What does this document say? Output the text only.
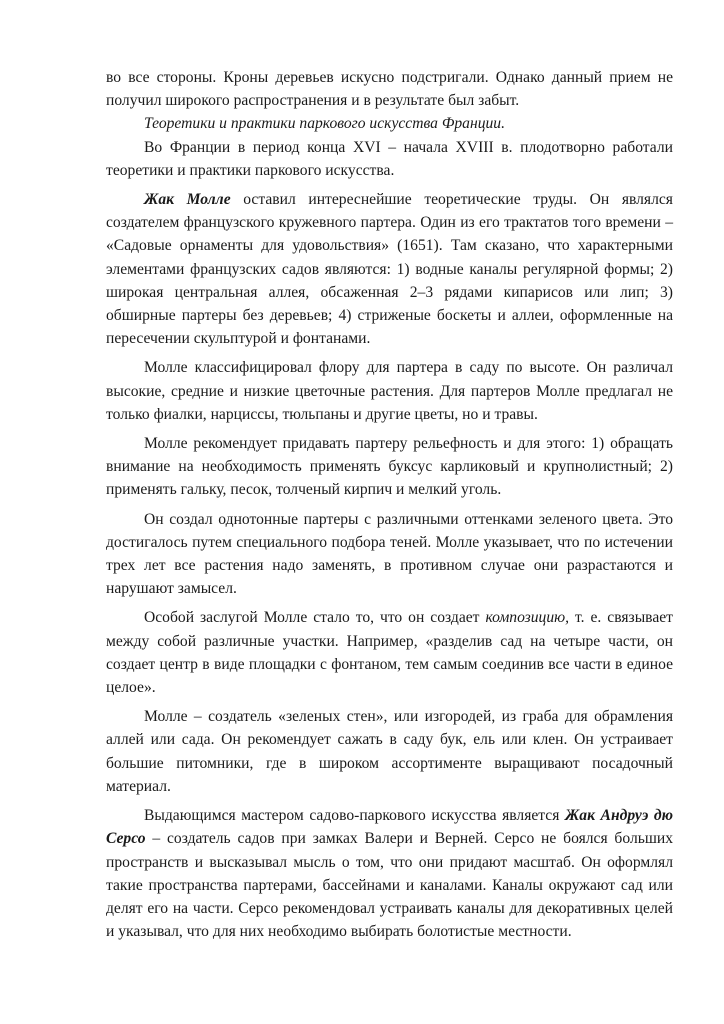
во все стороны. Кроны деревьев искусно подстригали. Однако данный прием не получил широкого распространения и в результате был забыт.

Теоретики и практики паркового искусства Франции.

Во Франции в период конца XVI – начала XVIII в. плодотворно работали теоретики и практики паркового искусства.

Жак Молле оставил интереснейшие теоретические труды. Он являлся создателем французского кружевного партера. Один из его трактатов того времени – «Садовые орнаменты для удовольствия» (1651). Там сказано, что характерными элементами французских садов являются: 1) водные каналы регулярной формы; 2) широкая центральная аллея, обсаженная 2–3 рядами кипарисов или лип; 3) обширные партеры без деревьев; 4) стриженые боскеты и аллеи, оформленные на пересечении скульптурой и фонтанами.

Молле классифицировал флору для партера в саду по высоте. Он различал высокие, средние и низкие цветочные растения. Для партеров Молле предлагал не только фиалки, нарциссы, тюльпаны и другие цветы, но и травы.

Молле рекомендует придавать партеру рельефность и для этого: 1) обращать внимание на необходимость применять буксус карликовый и крупнолистный; 2) применять гальку, песок, толченый кирпич и мелкий уголь.

Он создал однотонные партеры с различными оттенками зеленого цвета. Это достигалось путем специального подбора теней. Молле указывает, что по истечении трех лет все растения надо заменять, в противном случае они разрастаются и нарушают замысел.

Особой заслугой Молле стало то, что он создает композицию, т. е. связывает между собой различные участки. Например, «разделив сад на четыре части, он создает центр в виде площадки с фонтаном, тем самым соединив все части в единое целое».

Молле – создатель «зеленых стен», или изгородей, из граба для обрамления аллей или сада. Он рекомендует сажать в саду бук, ель или клен. Он устраивает большие питомники, где в широком ассортименте выращивают посадочный материал.

Выдающимся мастером садово-паркового искусства является Жак Андруэ дю Серсо – создатель садов при замках Валери и Верней. Серсо не боялся больших пространств и высказывал мысль о том, что они придают масштаб. Он оформлял такие пространства партерами, бассейнами и каналами. Каналы окружают сад или делят его на части. Серсо рекомендовал устраивать каналы для декоративных целей и указывал, что для них необходимо выбирать болотистые местности.
